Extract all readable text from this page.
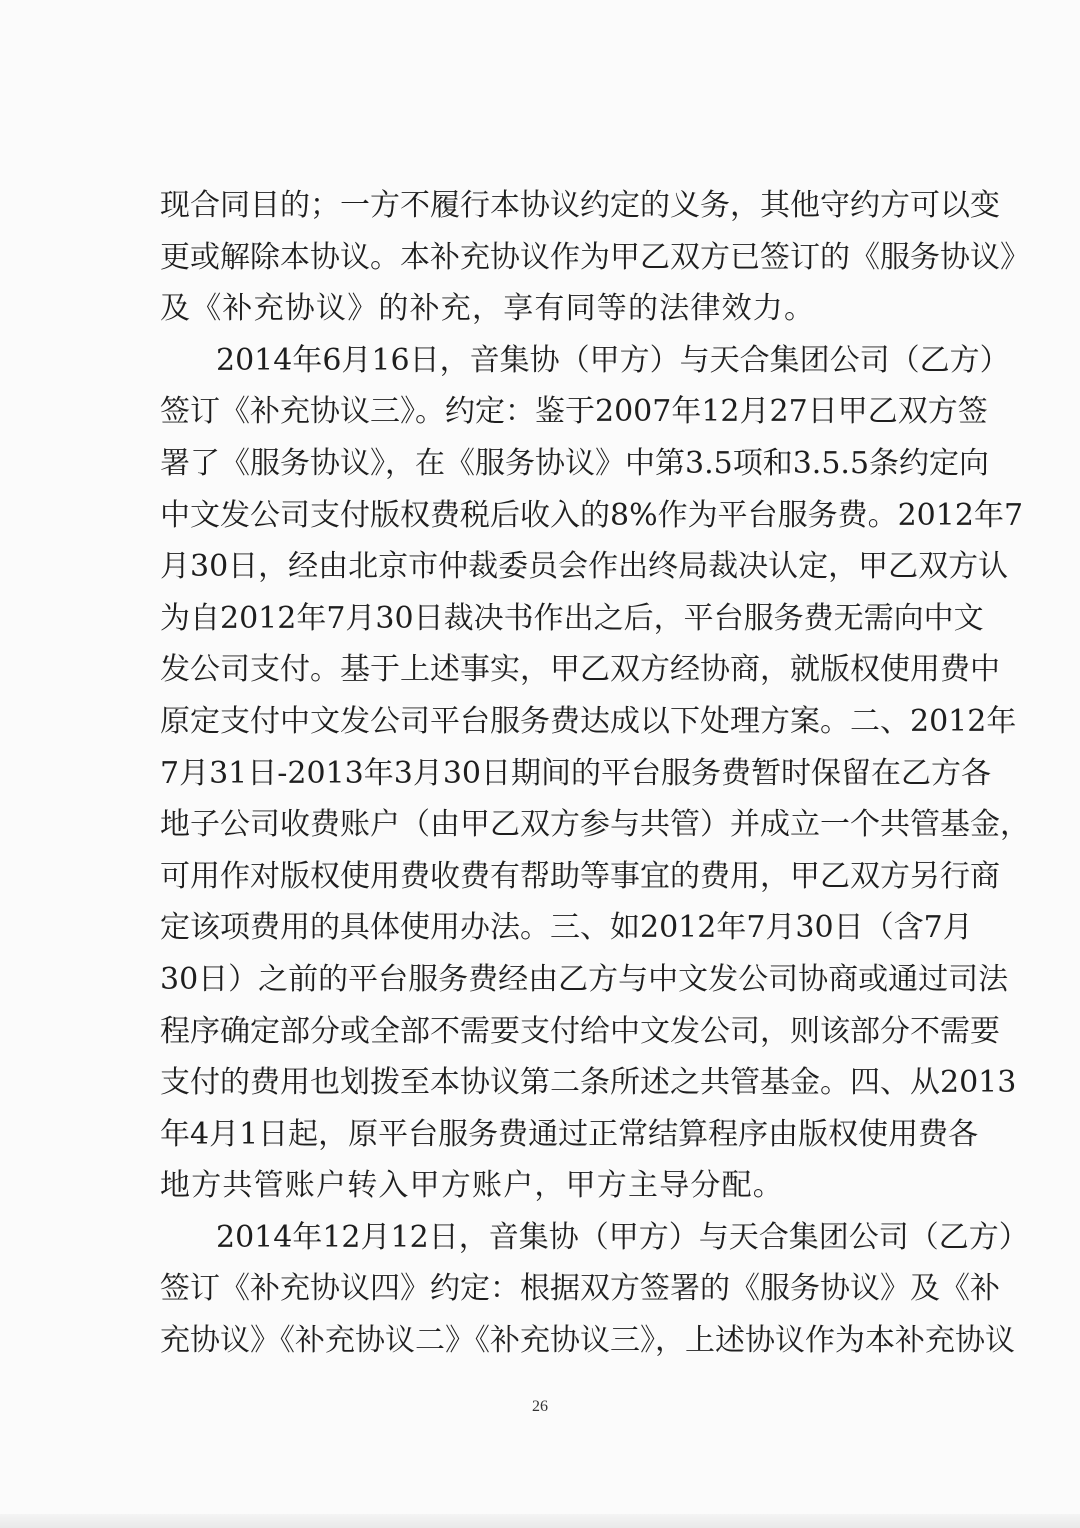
现合同目的；一方不履行本协议约定的义务，其他守约方可以变
更或解除本协议。本补充协议作为甲乙双方已签订的《服务协议》
及《补充协议》的补充，享有同等的法律效力。
2014年6月16日，音集协（甲方）与天合集团公司（乙方）
签订《补充协议三》。约定：鉴于2007年12月27日甲乙双方签
署了《服务协议》，在《服务协议》中第3.5项和3.5.5条约定向
中文发公司支付版权费税后收入的8%作为平台服务费。2012年7
月30日，经由北京市仲裁委员会作出终局裁决认定，甲乙双方认
为自2012年7月30日裁决书作出之后，平台服务费无需向中文
发公司支付。基于上述事实，甲乙双方经协商，就版权使用费中
原定支付中文发公司平台服务费达成以下处理方案。二、2012年
7月31日-2013年3月30日期间的平台服务费暂时保留在乙方各
地子公司收费账户（由甲乙双方参与共管）并成立一个共管基金，
可用作对版权使用费收费有帮助等事宜的费用，甲乙双方另行商
定该项费用的具体使用办法。三、如2012年7月30日（含7月
30日）之前的平台服务费经由乙方与中文发公司协商或通过司法
程序确定部分或全部不需要支付给中文发公司，则该部分不需要
支付的费用也划拨至本协议第二条所述之共管基金。四、从2013
年4月1日起，原平台服务费通过正常结算程序由版权使用费各
地方共管账户转入甲方账户，甲方主导分配。
2014年12月12日，音集协（甲方）与天合集团公司（乙方）
签订《补充协议四》约定：根据双方签署的《服务协议》及《补
充协议》《补充协议二》《补充协议三》，上述协议作为本补充协议
26
